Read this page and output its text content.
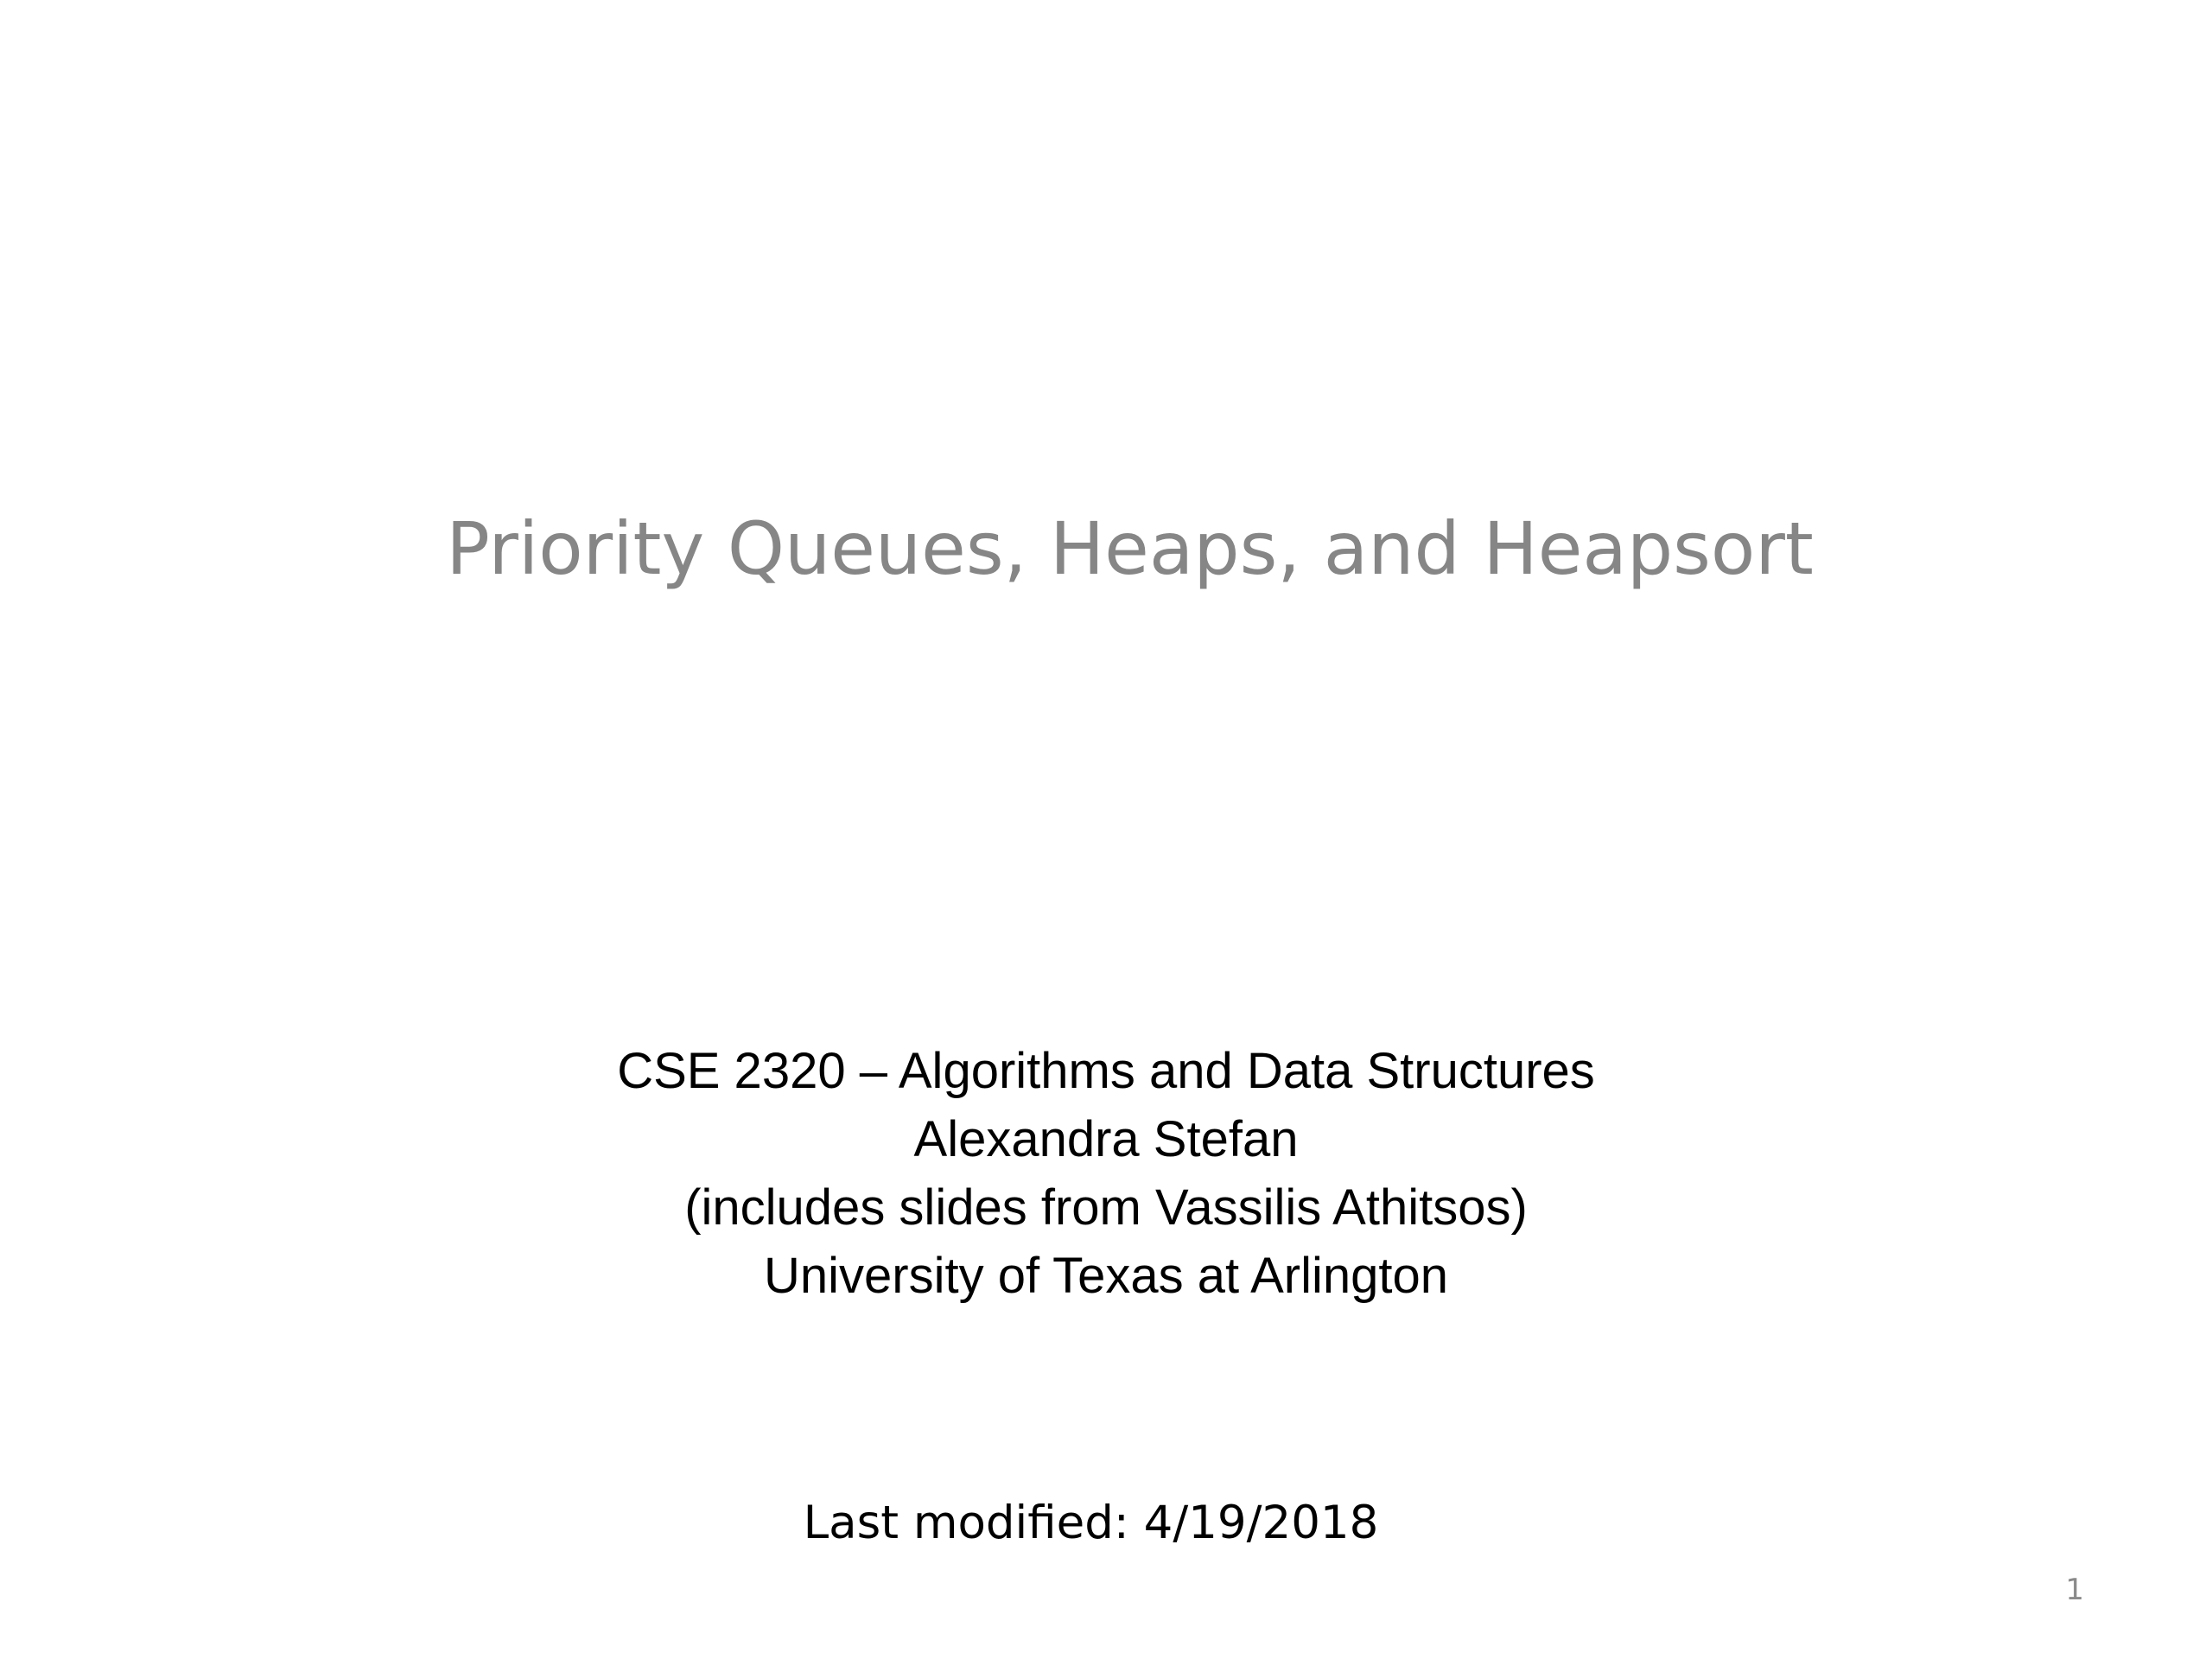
Priority Queues, Heaps, and Heapsort
CSE 2320 – Algorithms and Data Structures
Alexandra Stefan
(includes slides from Vassilis Athitsos)
University of Texas at Arlington
Last modified: 4/19/2018
1
